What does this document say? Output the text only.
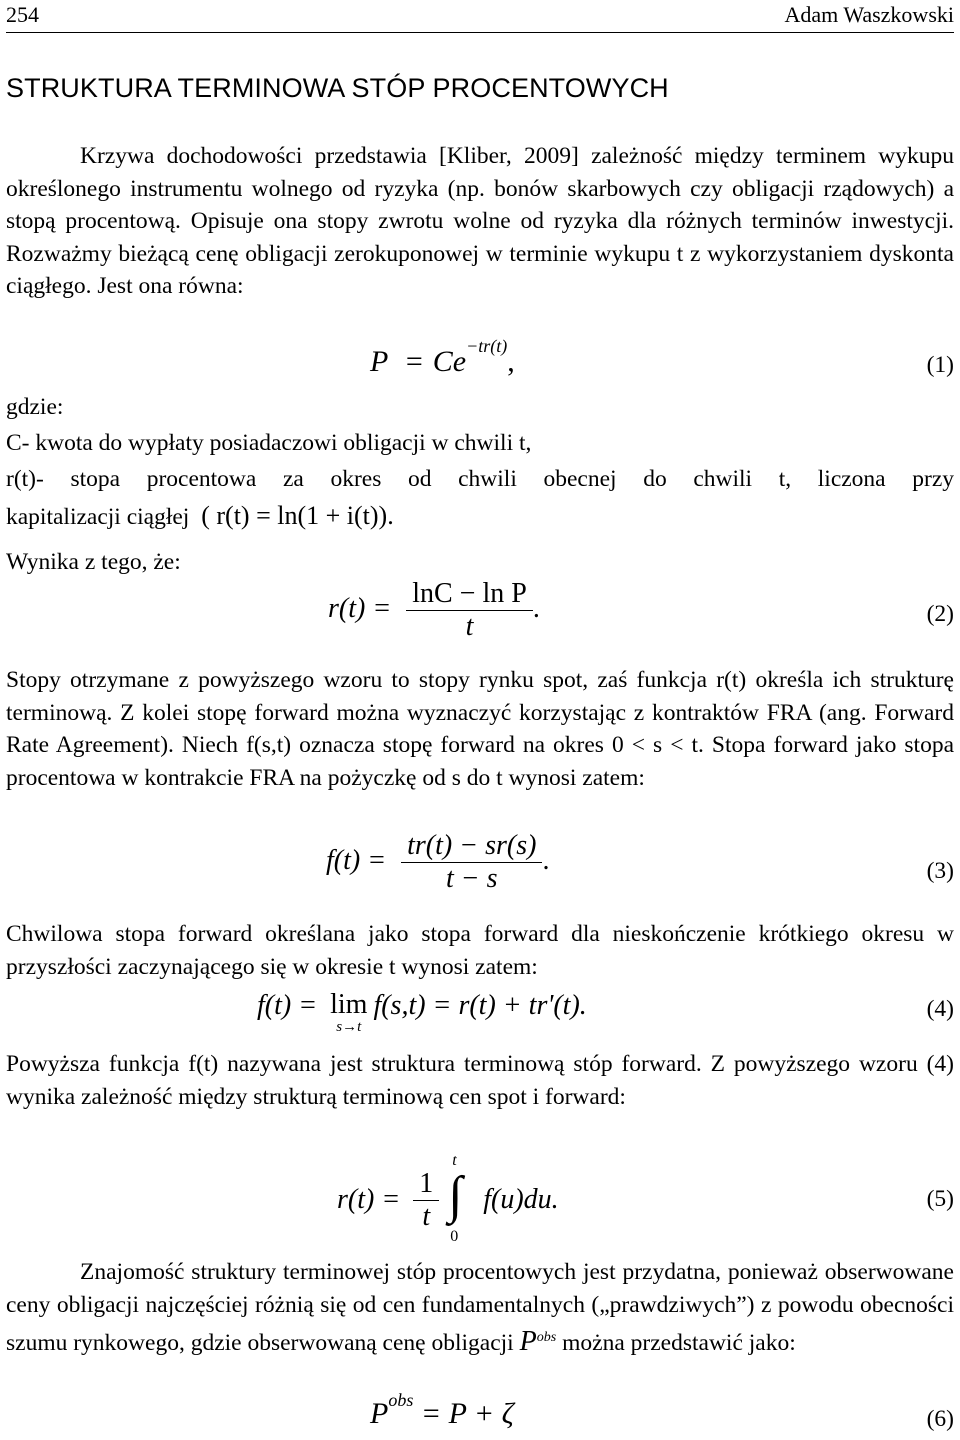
254	Adam Waszkowski
STRUKTURA TERMINOWA STÓP PROCENTOWYCH

Krzywa dochodowości przedstawia [Kliber, 2009] zależność między terminem wykupu określonego instrumentu wolnego od ryzyka (np. bonów skarbowych czy obligacji rządowych) a stopą procentową. Opisuje ona stopy zwrotu wolne od ryzyka dla różnych terminów inwestycji. Rozważmy bieżącą cenę obligacji zerokuponowej w terminie wykupu t z wykorzystaniem dyskonta ciągłego. Jest ona równa:

$P = Ce^{-tr(t)}$,	(1)
gdzie:
C- kwota do wypłaty posiadaczowi obligacji w chwili t,

r(t)- stopa procentowa za okres od chwili obecnej do chwili t, liczona przy

kapitalizacji ciągłej ( r(t) = ln(1 + i(t)).
Wynika z tego, że:
$r(t) = \frac{\text{lnC − ln P}}{t}$ .	(2)

Stopy otrzymane z powyższego wzoru to stopy rynku spot, zaś funkcja r(t) określa ich strukturę terminową. Z kolei stopę forward można wyznaczyć korzystając z kontraktów FRA (ang. Forward Rate Agreement). Niech f(s,t) oznacza stopę forward na okres 0 < s < t. Stopa forward jako stopa procentowa w kontrakcie FRA na pożyczkę od s do t wynosi zatem:

$f(t) = \frac{tr(t) - sr(s)}{t - s}$ .	(3)

Chwilowa stopa forward określana jako stopa forward dla nieskończenie krótkiego okresu w przyszłości zaczynającego się w okresie t wynosi zatem:

f(t) = lim
s→t
f(s,t) = r(t) + tr'(t).	(4)

Powyższa funkcja f(t) nazywana jest struktura terminową stóp forward. Z powyższego wzoru (4) wynika zależność między strukturą terminową cen spot i forward:

$r(t) = \frac{1}{t}$

t
∫
0
f(u)du.	(5)

Znajomość struktury terminowej stóp procentowych jest przydatna, ponieważ obserwowane ceny obligacji najczęściej różnią się od cen fundamentalnych („prawdziwych”) z powodu obecności szumu rynkowego, gdzie obserwowaną cenę obligacji $P^{obs}$ można przedstawić jako:

$P^{obs} = P + \zeta$	(6)
